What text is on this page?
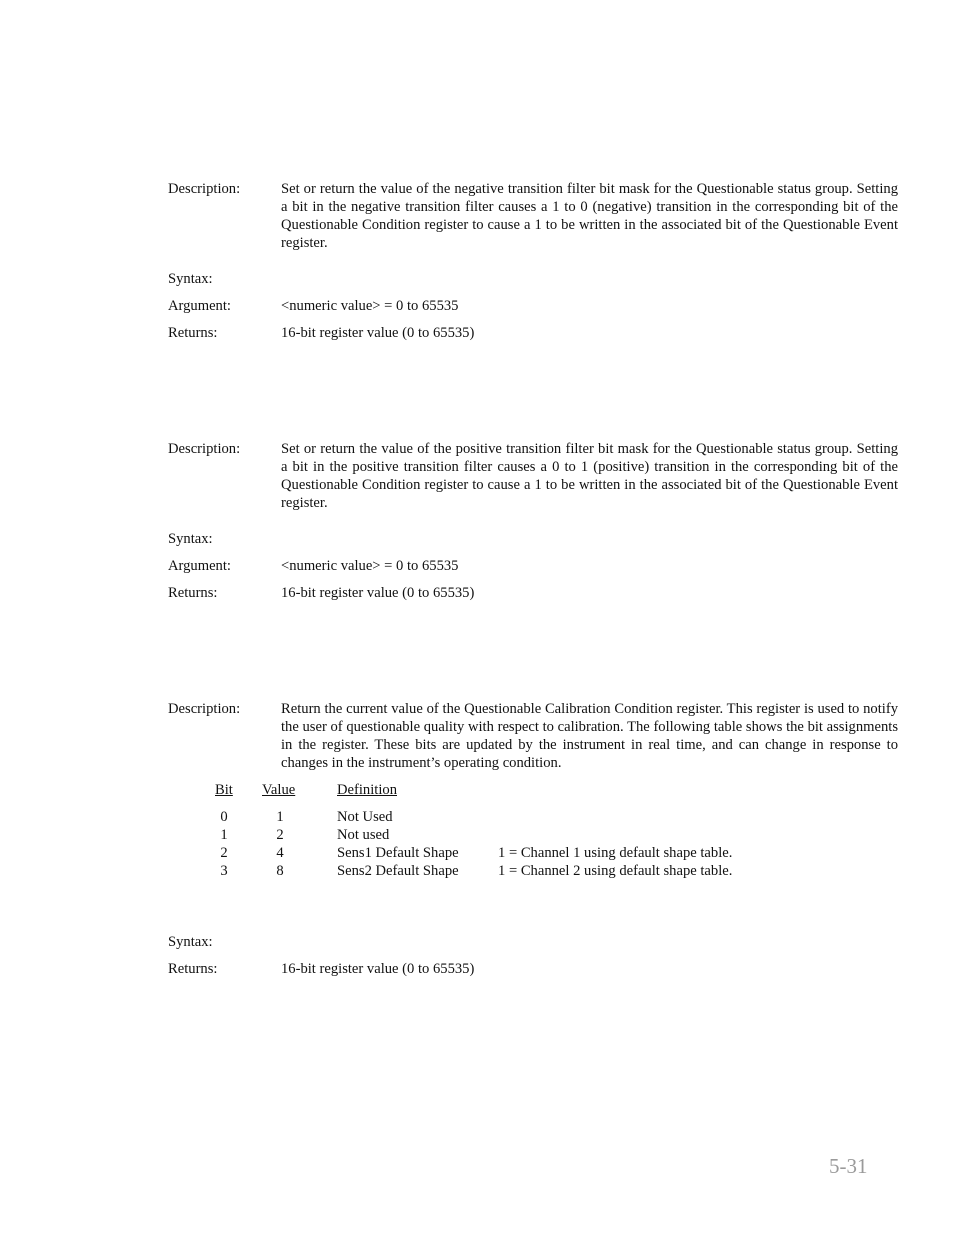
Description:	Set or return the value of the negative transition filter bit mask for the Questionable status group. Setting a bit in the negative transition filter causes a 1 to 0 (negative) transition in the corresponding bit of the Questionable Condition register to cause a 1 to be written in the associated bit of the Questionable Event register.
Syntax:
Argument:	<numeric value> = 0 to 65535
Returns:	16-bit register value (0 to 65535)
Description:	Set or return the value of the positive transition filter bit mask for the Questionable status group. Setting a bit in the positive transition filter causes a 0 to 1 (positive) transition in the corresponding bit of the Questionable Condition register to cause a 1 to be written in the associated bit of the Questionable Event register.
Syntax:
Argument:	<numeric value> = 0 to 65535
Returns:	16-bit register value (0 to 65535)
Description:	Return the current value of the Questionable Calibration Condition register. This register is used to notify the user of questionable quality with respect to calibration. The following table shows the bit assignments in the register. These bits are updated by the instrument in real time, and can change in response to changes in the instrument’s operating condition.
Bit Value	Definition
0	1	Not Used
1	2	Not used
2	4	Sens1 Default Shape	1 = Channel 1 using default shape table.
3	8	Sens2 Default Shape	1 = Channel 2 using default shape table.
Syntax:
Returns:	16-bit register value (0 to 65535)
5-31
